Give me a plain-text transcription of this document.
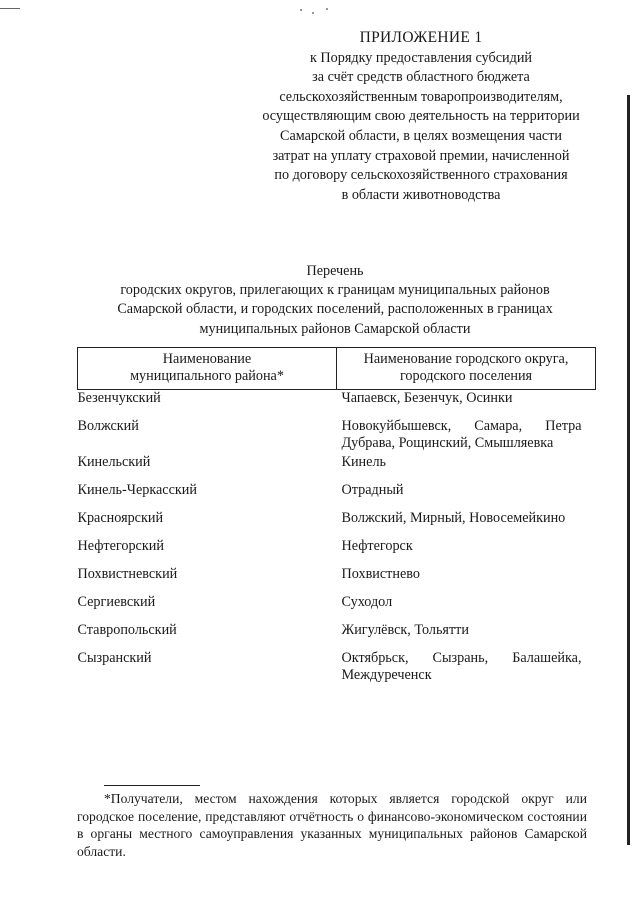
ПРИЛОЖЕНИЕ 1
к Порядку предоставления субсидий
за счёт средств областного бюджета
сельскохозяйственным товаропроизводителям,
осуществляющим свою деятельность на территории
Самарской области, в целях возмещения части
затрат на уплату страховой премии, начисленной
по договору сельскохозяйственного страхования
в области животноводства
Перечень
городских округов, прилегающих к границам муниципальных районов
Самарской области, и городских поселений, расположенных в границах
муниципальных районов Самарской области
Наименование
муниципального района*	Наименование городского округа,
городского поселения

Безенчукский	Чапаевск, Безенчук, Осинки
Волжский	Новокуйбышевск, Самара, Петра Дубрава, Рощинский, Смышляевка
Кинельский	Кинель
Кинель-Черкасский	Отрадный
Красноярский	Волжский, Мирный, Новосемейкино
Нефтегорский	Нефтегорск
Похвистневский	Похвистнево
Сергиевский	Суходол
Ставропольский	Жигулёвск, Тольятти
Сызранский	Октябрьск, Сызрань, Балашейка, Междуреченск
*Получатели, местом нахождения которых является городской округ или городское поселение, представляют отчётность о финансово-экономическом состоянии в органы местного самоуправления указанных муниципальных районов Самарской области.
